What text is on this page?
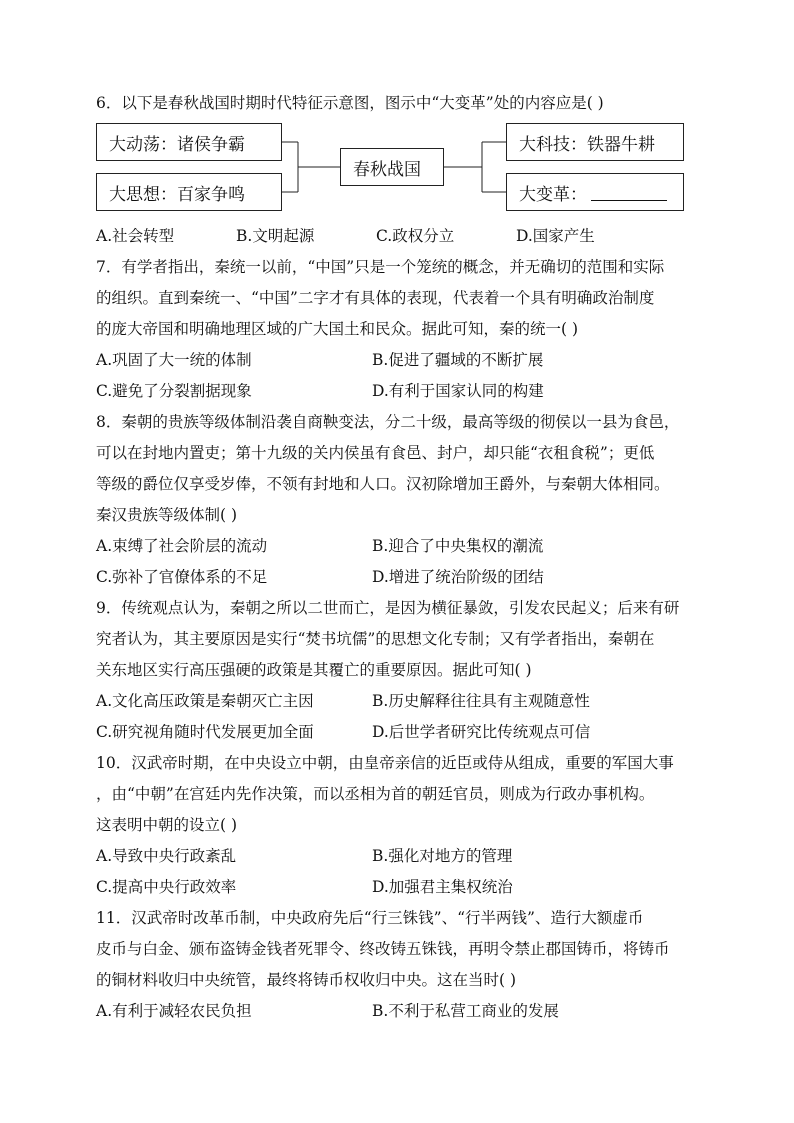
6．以下是春秋战国时期时代特征示意图，图示中“大变革”处的内容应是( )
大动荡：诸侯争霸
大思想：百家争鸣
春秋战国
大科技：铁器牛耕
大变革：
A.社会转型	B.文明起源	C.政权分立	D.国家产生
7．有学者指出，秦统一以前，“中国”只是一个笼统的概念，并无确切的范围和实际
的组织。直到秦统一、“中国”二字才有具体的表现，代表着一个具有明确政治制度
的庞大帝国和明确地理区域的广大国土和民众。据此可知，秦的统一( )
A.巩固了大一统的体制	B.促进了疆域的不断扩展
C.避免了分裂割据现象	D.有利于国家认同的构建
8．秦朝的贵族等级体制沿袭自商鞅变法，分二十级，最高等级的彻侯以一县为食邑，
可以在封地内置吏；第十九级的关内侯虽有食邑、封户，却只能“衣租食税”；更低
等级的爵位仅享受岁俸，不领有封地和人口。汉初除增加王爵外，与秦朝大体相同。
秦汉贵族等级体制( )
A.束缚了社会阶层的流动	B.迎合了中央集权的潮流
C.弥补了官僚体系的不足	D.增进了统治阶级的团结
9．传统观点认为，秦朝之所以二世而亡，是因为横征暴敛，引发农民起义；后来有研
究者认为，其主要原因是实行“焚书坑儒”的思想文化专制；又有学者指出，秦朝在
关东地区实行高压强硬的政策是其覆亡的重要原因。据此可知( )
A.文化高压政策是秦朝灭亡主因	B.历史解释往往具有主观随意性
C.研究视角随时代发展更加全面	D.后世学者研究比传统观点可信
10．汉武帝时期，在中央设立中朝，由皇帝亲信的近臣或侍从组成，重要的军国大事
，由“中朝”在宫廷内先作决策，而以丞相为首的朝廷官员，则成为行政办事机构。
这表明中朝的设立( )
A.导致中央行政紊乱	B.强化对地方的管理
C.提高中央行政效率	D.加强君主集权统治
11．汉武帝时改革币制，中央政府先后“行三铢钱”、“行半两钱”、造行大额虚币
皮币与白金、颁布盗铸金钱者死罪令、终改铸五铢钱，再明令禁止郡国铸币，将铸币
的铜材料收归中央统管，最终将铸币权收归中央。这在当时( )
A.有利于减轻农民负担	B.不利于私营工商业的发展
